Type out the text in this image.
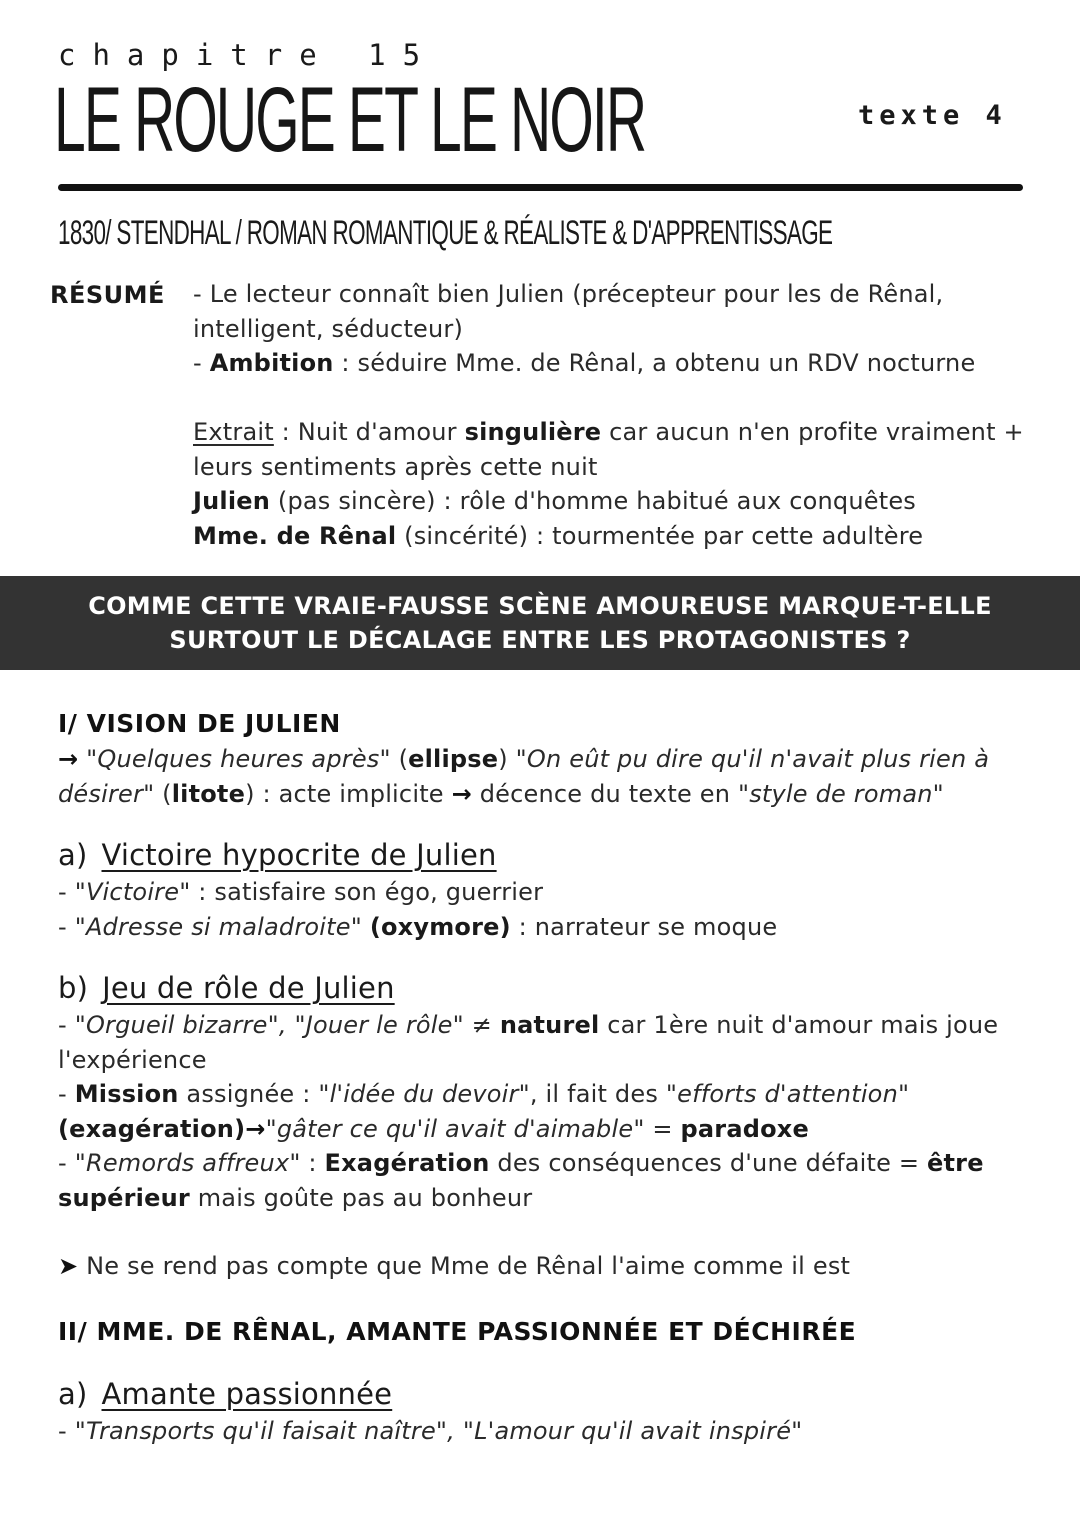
chapitre 15
LE ROUGE ET LE NOIR	texte 4
1830/ STENDHAL / ROMAN ROMANTIQUE & RÉALISTE & D'APPRENTISSAGE
RÉSUMÉ - Le lecteur connaît bien Julien (précepteur pour les de Rênal, intelligent, séducteur)

- Ambition : séduire Mme. de Rênal, a obtenu un RDV nocturne

Extrait : Nuit d'amour singulière car aucun n'en profite vraiment + leurs sentiments après cette nuit

Julien (pas sincère) : rôle d'homme habitué aux conquêtes

Mme. de Rênal (sincérité) : tourmentée par cette adultère

COMME CETTE VRAIE-FAUSSE SCÈNE AMOUREUSE MARQUE-T-ELLE SURTOUT LE DÉCALAGE ENTRE LES PROTAGONISTES ?

I/ VISION DE JULIEN

→ "Quelques heures après" (ellipse) "On eût pu dire qu'il n'avait plus rien à désirer" (litote) : acte implicite → décence du texte en "style de roman"

a) Victoire hypocrite de Julien

- "Victoire" : satisfaire son égo, guerrier

- "Adresse si maladroite" (oxymore) : narrateur se moque

b) Jeu de rôle de Julien

- "Orgueil bizarre", "Jouer le rôle" ≠ naturel car 1ère nuit d'amour mais joue l'expérience

- Mission assignée : "l'idée du devoir", il fait des "efforts d'attention" (exagération)→"gâter ce qu'il avait d'aimable" = paradoxe

- "Remords affreux" : Exagération des conséquences d'une défaite = être supérieur mais goûte pas au bonheur

➤ Ne se rend pas compte que Mme de Rênal l'aime comme il est

II/ MME. DE RÊNAL, AMANTE PASSIONNÉE ET DÉCHIRÉE

a) Amante passionnée

- "Transports qu'il faisait naître", "L'amour qu'il avait inspiré"
